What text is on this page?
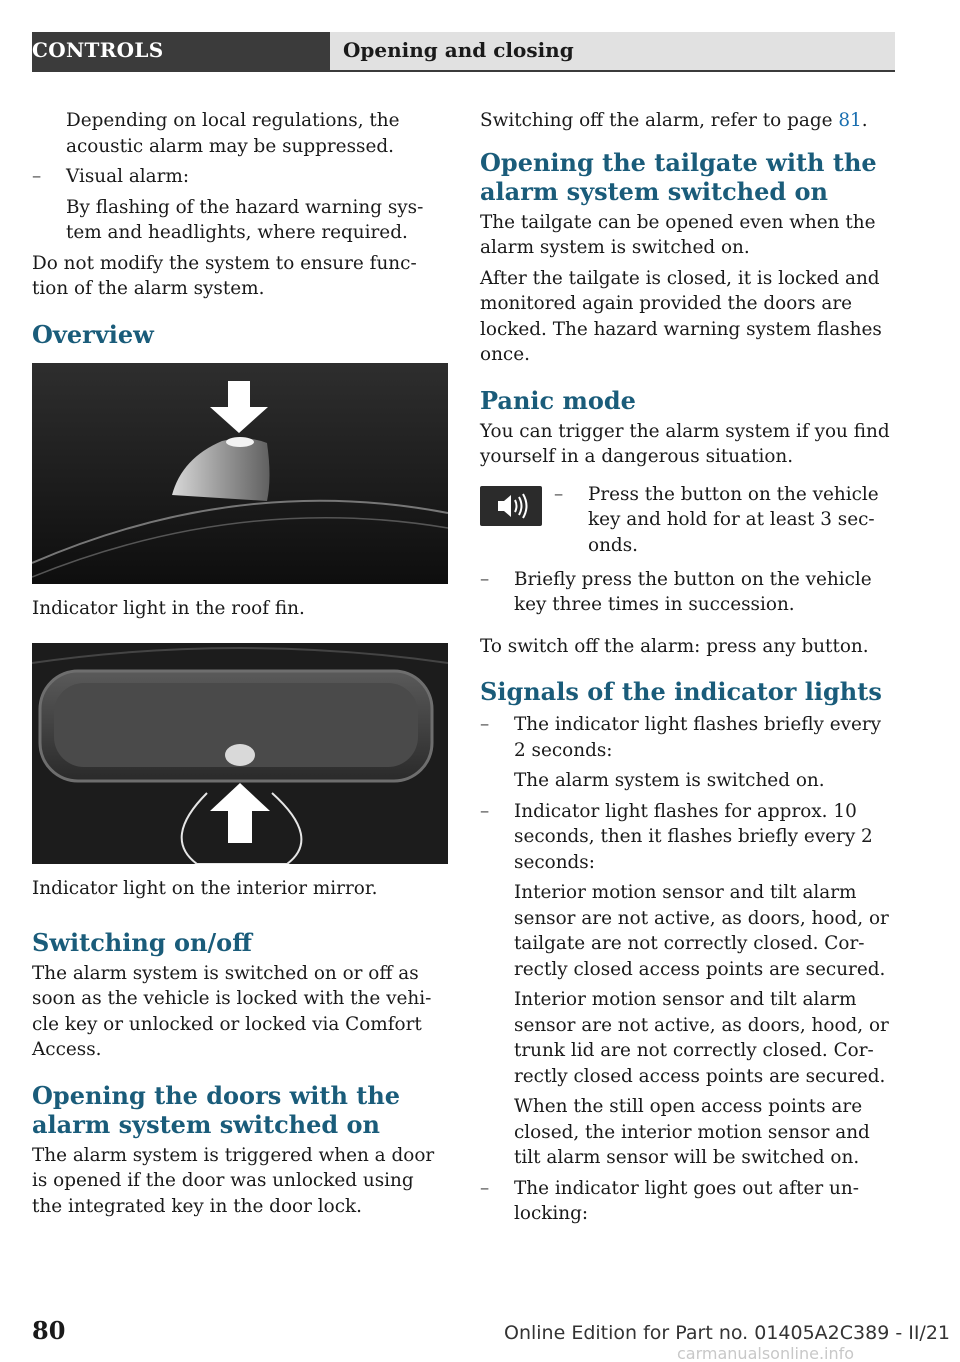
CONTROLS	Opening and closing

Depending on local regulations, the acoustic alarm may be suppressed.

– Visual alarm:

By flashing of the hazard warning sys-tem and headlights, where required.

Do not modify the system to ensure func-tion of the alarm system.

Overview

Indicator light in the roof fin.

Indicator light on the interior mirror.

Switching on/off

The alarm system is switched on or off as soon as the vehicle is locked with the vehi-cle key or unlocked or locked via Comfort Access.

Opening the doors with the alarm system switched on

The alarm system is triggered when a door is opened if the door was unlocked using the integrated key in the door lock.

Switching off the alarm, refer to page 81.

Opening the tailgate with the alarm system switched on

The tailgate can be opened even when the alarm system is switched on.

After the tailgate is closed, it is locked and monitored again provided the doors are locked. The hazard warning system flashes once.

Panic mode

You can trigger the alarm system if you find yourself in a dangerous situation.

– Press the button on the vehicle key and hold for at least 3 sec-onds.
– Briefly press the button on the vehicle key three times in succession.

To switch off the alarm: press any button.

Signals of the indicator lights
– The indicator light flashes briefly every 2 seconds:

The alarm system is switched on.

– Indicator light flashes for approx. 10 seconds, then it flashes briefly every 2 seconds:

Interior motion sensor and tilt alarm sensor are not active, as doors, hood, or tailgate are not correctly closed. Cor-rectly closed access points are secured.

Interior motion sensor and tilt alarm sensor are not active, as doors, hood, or trunk lid are not correctly closed. Cor-rectly closed access points are secured.

When the still open access points are closed, the interior motion sensor and tilt alarm sensor will be switched on.

– The indicator light goes out after un-locking:
80	Online Edition for Part no. 01405A2C389 - II/21
carmanualsonline.info
